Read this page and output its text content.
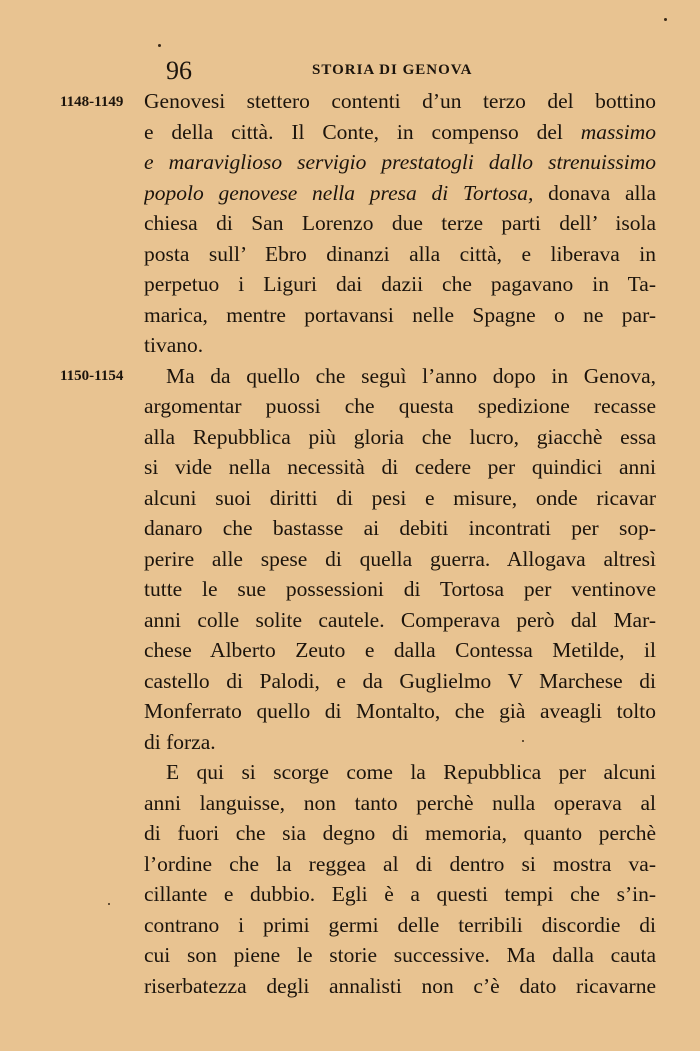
96	STORIA DI GENOVA
1148-1149
1150-1154
Genovesi stettero contenti d’un terzo del bottino
e della città. Il Conte, in compenso del massimo
e maraviglioso servigio prestatogli dallo strenuissimo
popolo genovese nella presa di Tortosa, donava alla
chiesa di San Lorenzo due terze parti dell’ isola
posta sull’ Ebro dinanzi alla città, e liberava in
perpetuo i Liguri dai dazii che pagavano in Ta-
marica, mentre portavansi nelle Spagne o ne par-
tivano.
Ma da quello che seguì l’anno dopo in Genova,
argomentar puossi che questa spedizione recasse
alla Repubblica più gloria che lucro, giacchè essa
si vide nella necessità di cedere per quindici anni
alcuni suoi diritti di pesi e misure, onde ricavar
danaro che bastasse ai debiti incontrati per sop-
perire alle spese di quella guerra. Allogava altresì
tutte le sue possessioni di Tortosa per ventinove
anni colle solite cautele. Comperava però dal Mar-
chese Alberto Zeuto e dalla Contessa Metilde, il
castello di Palodi, e da Guglielmo V Marchese di
Monferrato quello di Montalto, che già aveagli tolto
di forza.
E qui si scorge come la Repubblica per alcuni
anni languisse, non tanto perchè nulla operava al
di fuori che sia degno di memoria, quanto perchè
l’ordine che la reggea al di dentro si mostra va-
cillante e dubbio. Egli è a questi tempi che s’in-
contrano i primi germi delle terribili discordie di
cui son piene le storie successive. Ma dalla cauta
riserbatezza degli annalisti non c’è dato ricavarne
